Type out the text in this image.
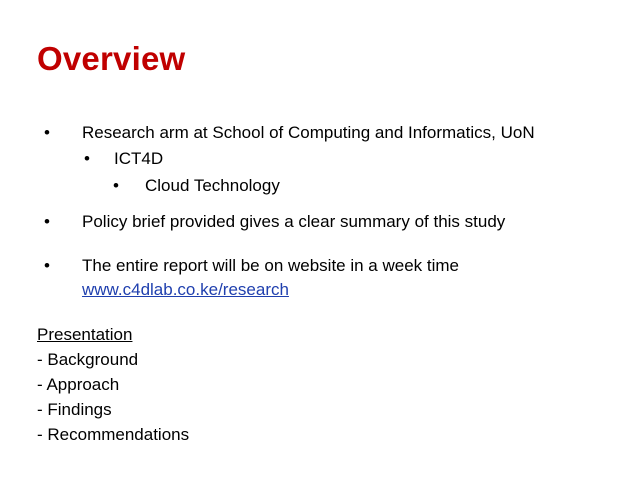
Overview
• Research arm at School of Computing and Informatics, UoN
• ICT4D
• Cloud Technology
• Policy brief provided gives a clear summary of this study
• The entire report will be on website in a week time
www.c4dlab.co.ke/research
Presentation
- Background
- Approach
- Findings
- Recommendations
